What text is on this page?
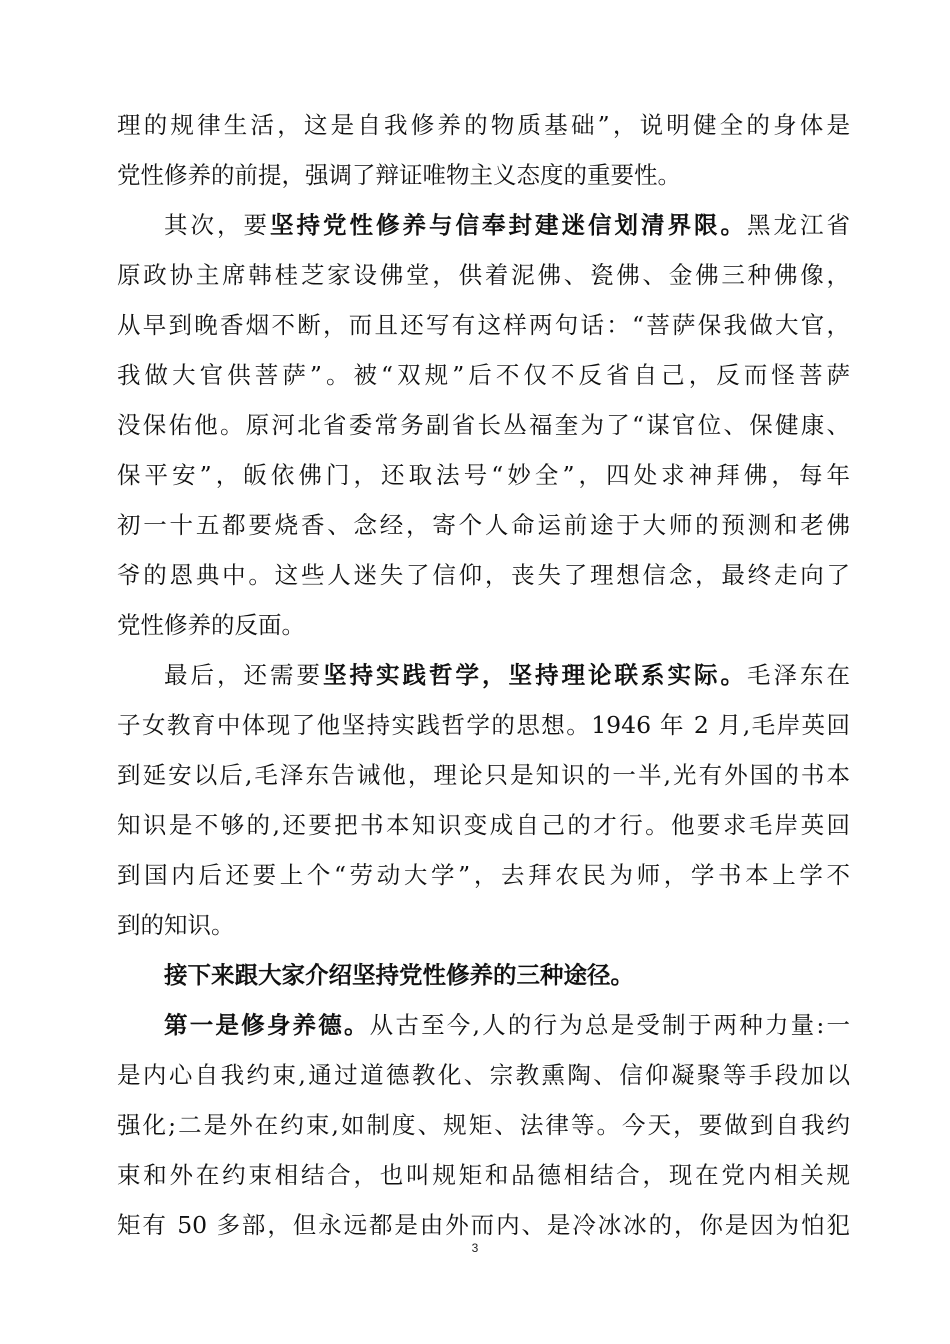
理的规律生活，这是自我修养的物质基础”，说明健全的身体是
党性修养的前提，强调了辩证唯物主义态度的重要性。
其次，要坚持党性修养与信奉封建迷信划清界限。黑龙江省
原政协主席韩桂芝家设佛堂，供着泥佛、瓷佛、金佛三种佛像，
从早到晚香烟不断，而且还写有这样两句话：“菩萨保我做大官，
我做大官供菩萨”。被“双规”后不仅不反省自己，反而怪菩萨
没保佑他。原河北省委常务副省长丛福奎为了“谋官位、保健康、
保平安”，皈依佛门，还取法号“妙全”，四处求神拜佛，每年
初一十五都要烧香、念经，寄个人命运前途于大师的预测和老佛
爷的恩典中。这些人迷失了信仰，丧失了理想信念，最终走向了
党性修养的反面。
最后，还需要坚持实践哲学，坚持理论联系实际。毛泽东在
子女教育中体现了他坚持实践哲学的思想。1946 年 2 月,毛岸英回
到延安以后,毛泽东告诫他，理论只是知识的一半,光有外国的书本
知识是不够的,还要把书本知识变成自己的才行。他要求毛岸英回
到国内后还要上个“劳动大学”，去拜农民为师，学书本上学不
到的知识。
接下来跟大家介绍坚持党性修养的三种途径。
第一是修身养德。从古至今,人的行为总是受制于两种力量:一
是内心自我约束,通过道德教化、宗教熏陶、信仰凝聚等手段加以
强化;二是外在约束,如制度、规矩、法律等。今天，要做到自我约
束和外在约束相结合，也叫规矩和品德相结合，现在党内相关规
矩有 50 多部，但永远都是由外而内、是冷冰冰的，你是因为怕犯
3
